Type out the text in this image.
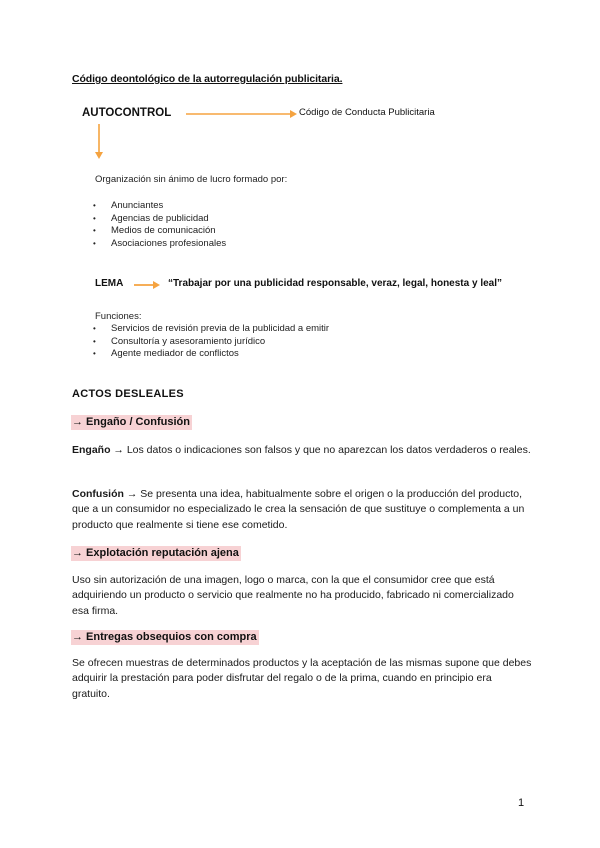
Código deontológico de la autorregulación publicitaria.
AUTOCONTROL	Código de Conducta Publicitaria
Organización sin ánimo de lucro formado por:
• Anunciantes
• Agencias de publicidad
• Medios de comunicación
• Asociaciones profesionales
LEMA	“Trabajar por una publicidad responsable, veraz, legal, honesta y leal”
Funciones:
• Servicios de revisión previa de la publicidad a emitir
• Consultoría y asesoramiento jurídico
• Agente mediador de conflictos
ACTOS DESLEALES
→ Engaño / Confusión
Engaño → Los datos o indicaciones son falsos y que no aparezcan los datos verdaderos o reales.
Confusión → Se presenta una idea, habitualmente sobre el origen o la producción del producto, que a un consumidor no especializado le crea la sensación de que sustituye o complementa a un producto que realmente si tiene ese cometido.
→ Explotación reputación ajena
Uso sin autorización de una imagen, logo o marca, con la que el consumidor cree que está adquiriendo un producto o servicio que realmente no ha producido, fabricado ni comercializado esa firma.
→ Entregas obsequios con compra
Se ofrecen muestras de determinados productos y la aceptación de las mismas supone que debes adquirir la prestación para poder disfrutar del regalo o de la prima, cuando en principio era gratuito.
1
